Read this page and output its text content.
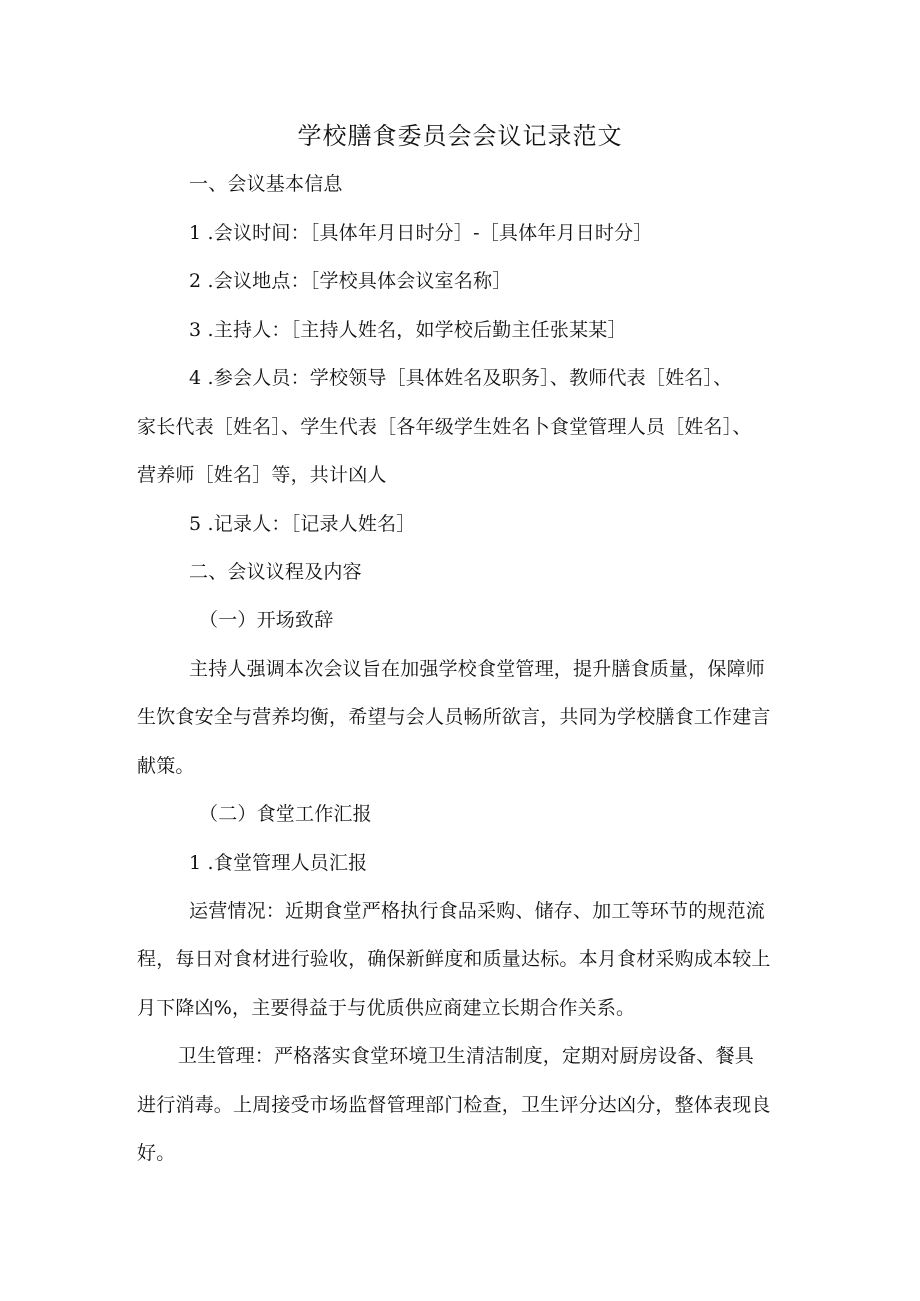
学校膳食委员会会议记录范文
一、会议基本信息
1 .会议时间：［具体年月日时分］-［具体年月日时分］
2 .会议地点：［学校具体会议室名称］
3 .主持人：［主持人姓名，如学校后勤主任张某某］
4 .参会人员：学校领导［具体姓名及职务］、教师代表［姓名］、
家长代表［姓名］、学生代表［各年级学生姓名卜食堂管理人员［姓名］、
营养师［姓名］等，共计凶人
5 .记录人：［记录人姓名］
二、会议议程及内容
（一）开场致辞
主持人强调本次会议旨在加强学校食堂管理，提升膳食质量，保障师
生饮食安全与营养均衡，希望与会人员畅所欲言，共同为学校膳食工作建言
献策。
（二）食堂工作汇报
1 .食堂管理人员汇报
运营情况：近期食堂严格执行食品采购、储存、加工等环节的规范流
程，每日对食材进行验收，确保新鲜度和质量达标。本月食材采购成本较上
月下降凶%，主要得益于与优质供应商建立长期合作关系。
卫生管理：严格落实食堂环境卫生清洁制度，定期对厨房设备、餐具
进行消毒。上周接受市场监督管理部门检查，卫生评分达凶分，整体表现良
好。
